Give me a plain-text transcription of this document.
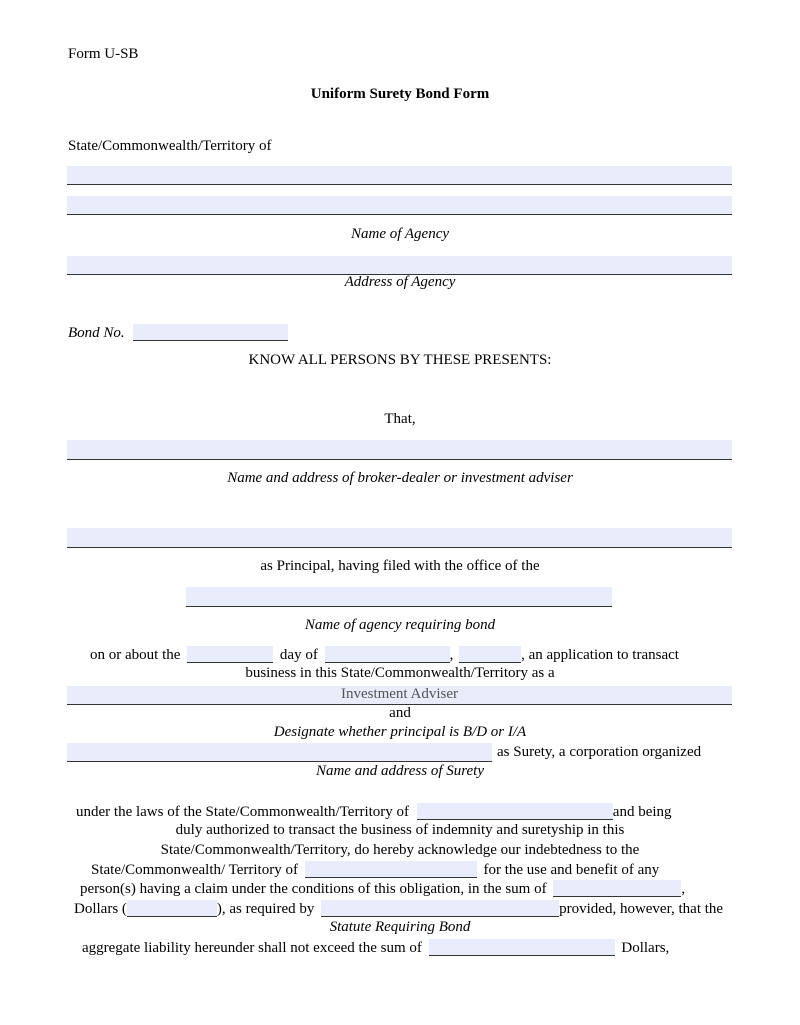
Form U-SB
Uniform Surety Bond Form
State/Commonwealth/Territory of
Name of Agency
Address of Agency
Bond No.
KNOW ALL PERSONS BY THESE PRESENTS:
That,
Name and address of broker-dealer or investment adviser
as Principal, having filed with the office of the
Name of agency requiring bond
on or about the	day of	,	, an application to transact
business in this State/Commonwealth/Territory as a
Investment Adviser
and
Designate whether principal is B/D or I/A
as Surety, a corporation organized
Name and address of Surety
under the laws of the State/Commonwealth/Territory of	and being
duly authorized to transact the business of indemnity and suretyship in this
State/Commonwealth/Territory, do hereby acknowledge our indebtedness to the
State/Commonwealth/ Territory of	for the use and benefit of any
person(s) having a claim under the conditions of this obligation, in the sum of	,
Dollars (	), as required by	provided, however, that the
Statute Requiring Bond
aggregate liability hereunder shall not exceed the sum of	Dollars,
